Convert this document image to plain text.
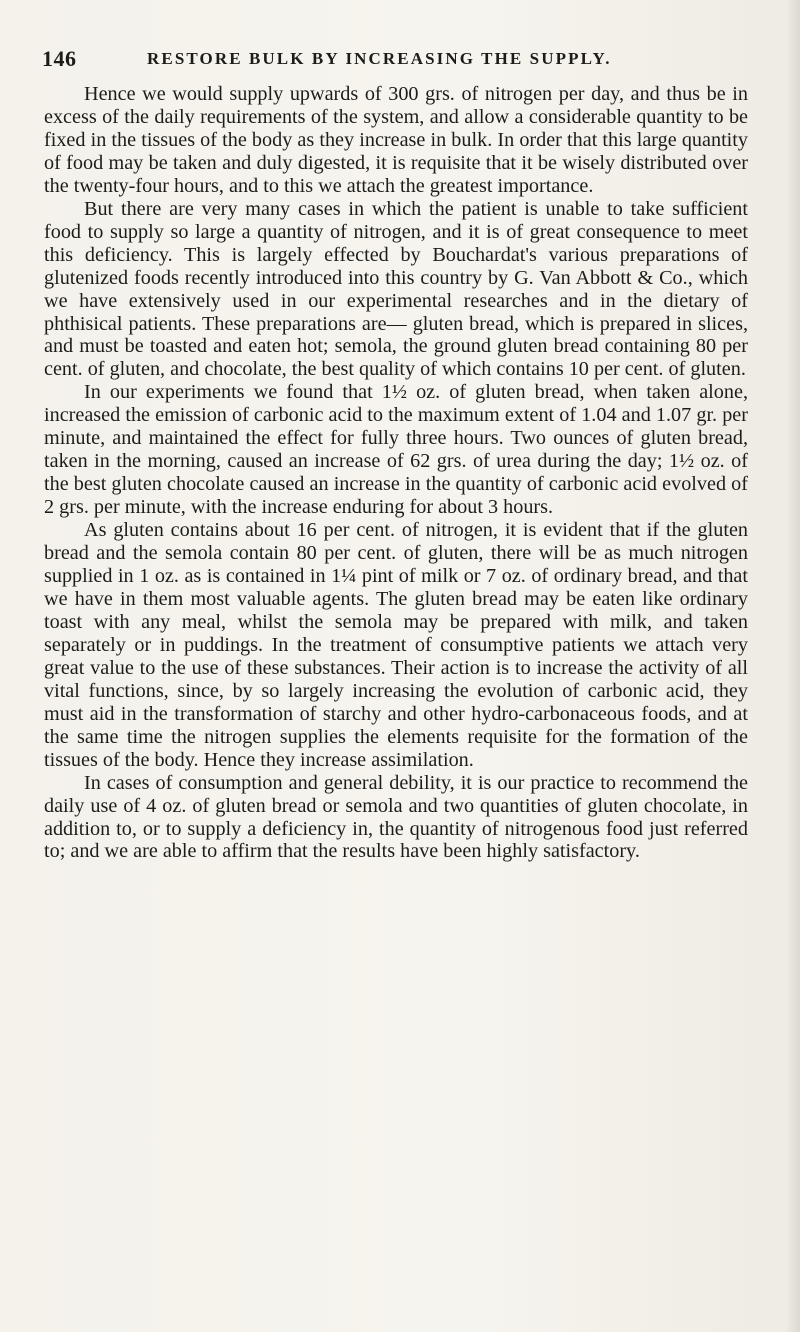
146	RESTORE BULK BY INCREASING THE SUPPLY.

Hence we would supply upwards of 300 grs. of nitrogen per day, and thus be in excess of the daily requirements of the system, and allow a considerable quantity to be fixed in the tissues of the body as they increase in bulk. In order that this large quantity of food may be taken and duly digested, it is requisite that it be wisely distributed over the twenty-four hours, and to this we attach the greatest importance.

But there are very many cases in which the patient is unable to take sufficient food to supply so large a quantity of nitrogen, and it is of great consequence to meet this deficiency. This is largely effected by Bouchardat's various preparations of glutenized foods recently introduced into this country by G. Van Abbott & Co., which we have extensively used in our experimental researches and in the dietary of phthisical patients. These preparations are— gluten bread, which is prepared in slices, and must be toasted and eaten hot; semola, the ground gluten bread containing 80 per cent. of gluten, and chocolate, the best quality of which contains 10 per cent. of gluten.

In our experiments we found that 1½ oz. of gluten bread, when taken alone, increased the emission of carbonic acid to the maximum extent of 1.04 and 1.07 gr. per minute, and maintained the effect for fully three hours. Two ounces of gluten bread, taken in the morning, caused an increase of 62 grs. of urea during the day; 1½ oz. of the best gluten chocolate caused an increase in the quantity of carbonic acid evolved of 2 grs. per minute, with the increase enduring for about 3 hours.

As gluten contains about 16 per cent. of nitrogen, it is evident that if the gluten bread and the semola contain 80 per cent. of gluten, there will be as much nitrogen supplied in 1 oz. as is contained in 1¼ pint of milk or 7 oz. of ordinary bread, and that we have in them most valuable agents. The gluten bread may be eaten like ordinary toast with any meal, whilst the semola may be prepared with milk, and taken separately or in puddings. In the treatment of consumptive patients we attach very great value to the use of these substances. Their action is to increase the activity of all vital functions, since, by so largely increasing the evolution of carbonic acid, they must aid in the transformation of starchy and other hydro-carbonaceous foods, and at the same time the nitrogen supplies the elements requisite for the formation of the tissues of the body. Hence they increase assimilation.

In cases of consumption and general debility, it is our practice to recommend the daily use of 4 oz. of gluten bread or semola and two quantities of gluten chocolate, in addition to, or to supply a deficiency in, the quantity of nitrogenous food just referred to; and we are able to affirm that the results have been highly satisfactory.
